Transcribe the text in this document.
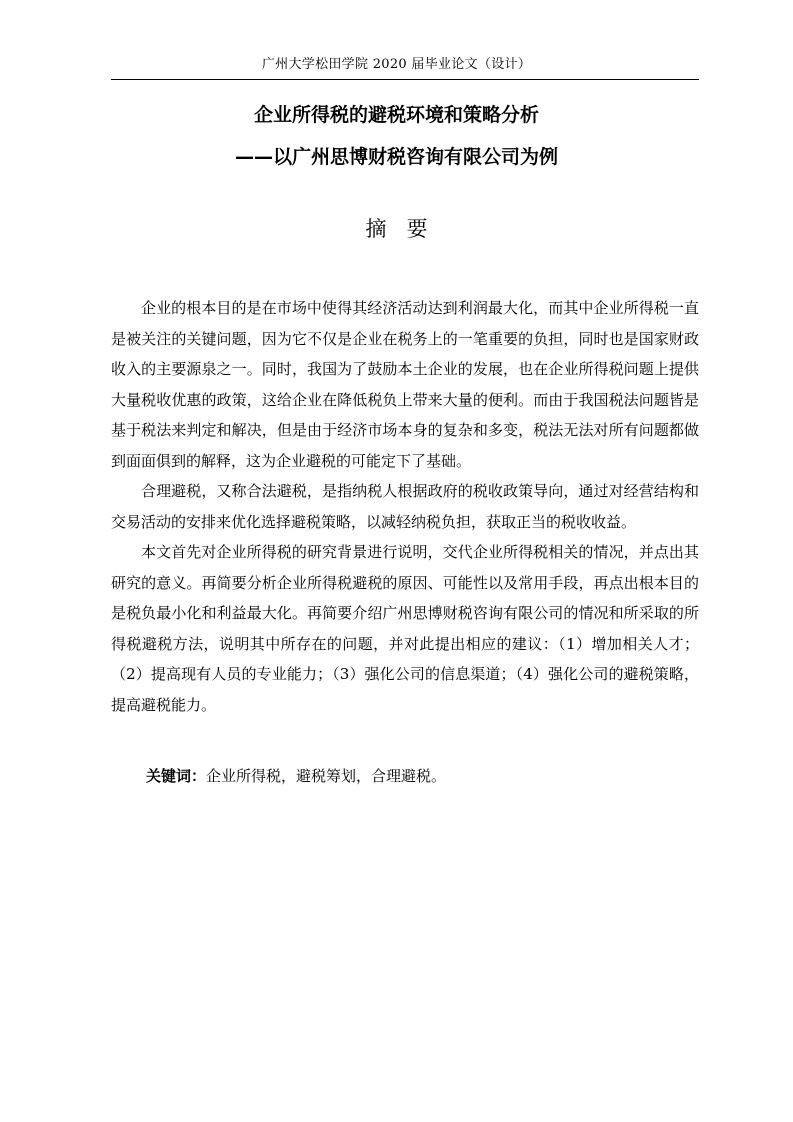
广州大学松田学院 2020 届毕业论文（设计）
企业所得税的避税环境和策略分析
——以广州思博财税咨询有限公司为例
摘要

企业的根本目的是在市场中使得其经济活动达到利润最大化，而其中企业所得税一直是被关注的关键问题，因为它不仅是企业在税务上的一笔重要的负担，同时也是国家财政收入的主要源泉之一。同时，我国为了鼓励本土企业的发展，也在企业所得税问题上提供大量税收优惠的政策，这给企业在降低税负上带来大量的便利。而由于我国税法问题皆是基于税法来判定和解决，但是由于经济市场本身的复杂和多变，税法无法对所有问题都做到面面俱到的解释，这为企业避税的可能定下了基础。

合理避税，又称合法避税，是指纳税人根据政府的税收政策导向，通过对经营结构和交易活动的安排来优化选择避税策略，以减轻纳税负担，获取正当的税收收益。

本文首先对企业所得税的研究背景进行说明，交代企业所得税相关的情况，并点出其研究的意义。再简要分析企业所得税避税的原因、可能性以及常用手段，再点出根本目的是税负最小化和利益最大化。再简要介绍广州思博财税咨询有限公司的情况和所采取的所得税避税方法，说明其中所存在的问题，并对此提出相应的建议：（1）增加相关人才；（2）提高现有人员的专业能力；（3）强化公司的信息渠道；（4）强化公司的避税策略，提高避税能力。

关键词：企业所得税，避税筹划，合理避税。
